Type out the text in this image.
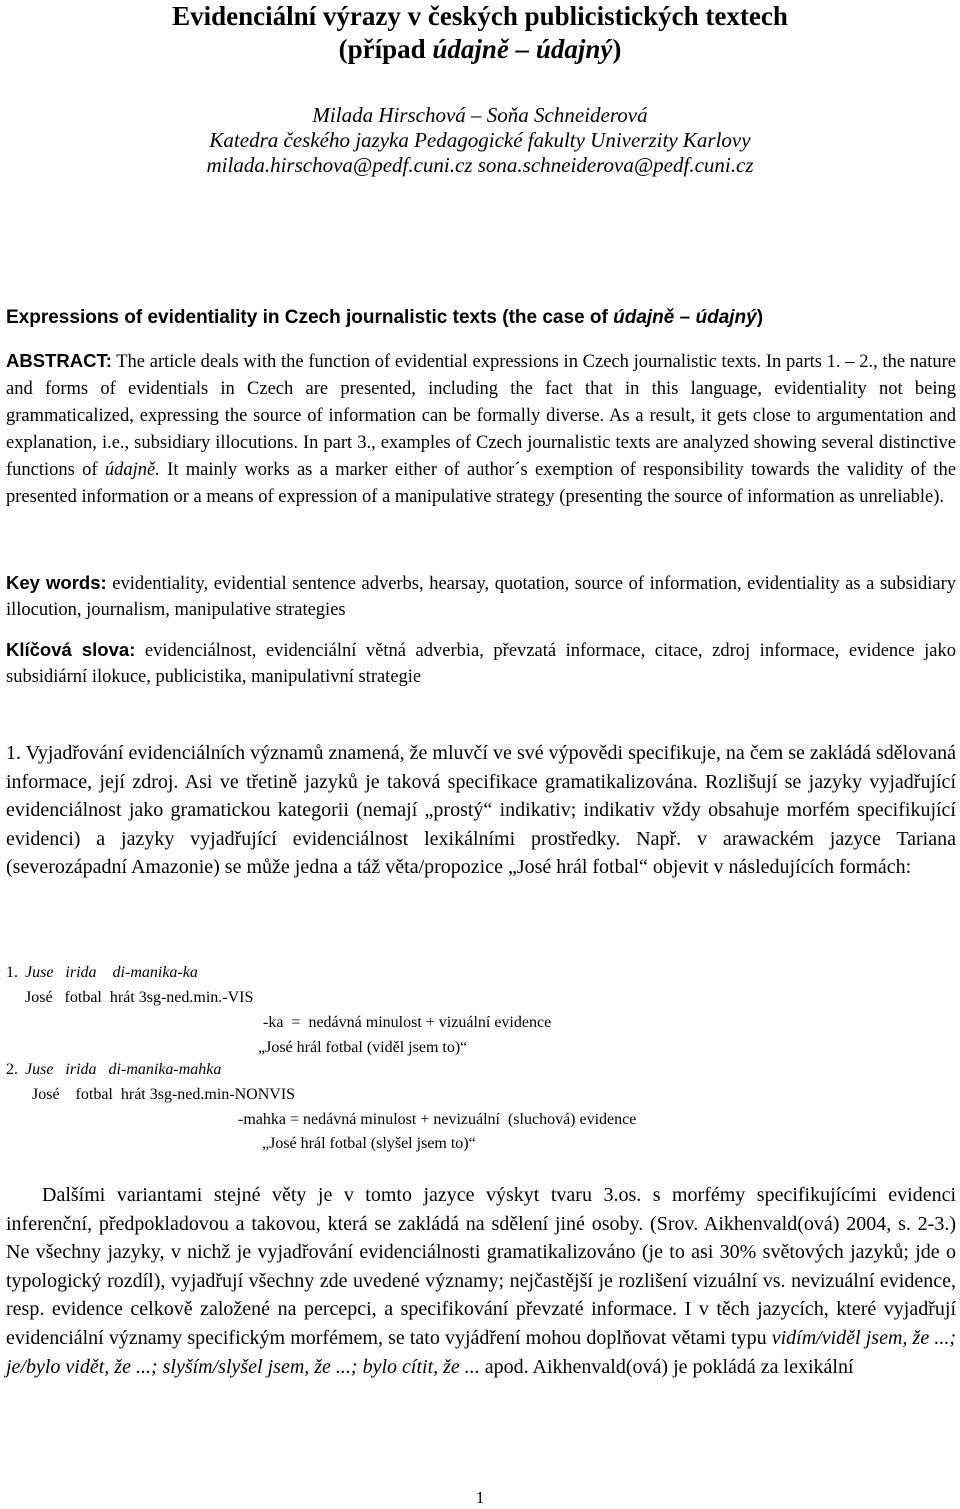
Evidenciální výrazy v českých publicistických textech
(případ údajně – údajný)
Milada Hirschová – Soňa Schneiderová
Katedra českého jazyka Pedagogické fakulty Univerzity Karlovy
milada.hirschova@pedf.cuni.cz sona.schneiderova@pedf.cuni.cz
Expressions of evidentiality in Czech journalistic texts (the case of údajně – údajný)
ABSTRACT: The article deals with the function of evidential expressions in Czech journalistic texts. In parts 1. – 2., the nature and forms of evidentials in Czech are presented, including the fact that in this language, evidentiality not being grammaticalized, expressing the source of information can be formally diverse. As a result, it gets close to argumentation and explanation, i.e., subsidiary illocutions. In part 3., examples of Czech journalistic texts are analyzed showing several distinctive functions of údajně. It mainly works as a marker either of author´s exemption of responsibility towards the validity of the presented information or a means of expression of a manipulative strategy (presenting the source of information as unreliable).
Key words: evidentiality, evidential sentence adverbs, hearsay, quotation, source of information, evidentiality as a subsidiary illocution, journalism, manipulative strategies
Klíčová slova: evidenciálnost, evidenciální větná adverbia, převzatá informace, citace, zdroj informace, evidence jako subsidiární ilokuce, publicistika, manipulativní strategie
1. Vyjadřování evidenciálních významů znamená, že mluvčí ve své výpovědi specifikuje, na čem se zakládá sdělovaná informace, její zdroj. Asi ve třetině jazyků je taková specifikace gramatikalizována. Rozlišují se jazyky vyjadřující evidenciálnost jako gramatickou kategorii (nemají „prostý“ indikativ; indikativ vždy obsahuje morfém specifikující evidenci) a jazyky vyjadřující evidenciálnost lexikálními prostředky. Např. v arawackém jazyce Tariana (severozápadní Amazonie) se může jedna a táž věta/propozice „José hrál fotbal“ objevit v následujících formách:
1. Juse   irida    di-manika-ka
José   fotbal  hrát 3sg-ned.min.-VIS
-ka  =  nedávná minulost + vizuální evidence
„José hrál fotbal (viděl jsem to)“
2. Juse   irida   di-manika-mahka
José    fotbal  hrát 3sg-ned.min-NONVIS
-mahka = nedávná minulost + nevizuální  (sluchová) evidence
„José hrál fotbal (slyšel jsem to)“
Dalšími variantami stejné věty je v tomto jazyce výskyt tvaru 3.os. s morfémy specifikujícími evidenci inferenční, předpokladovou a takovou, která se zakládá na sdělení jiné osoby. (Srov. Aikhenvald(ová) 2004, s. 2-3.) Ne všechny jazyky, v nichž je vyjadřování evidenciálnosti gramatikalizováno (je to asi 30% světových jazyků; jde o typologický rozdíl), vyjadřují všechny zde uvedené významy; nejčastější je rozlišení vizuální vs. nevizuální evidence, resp. evidence celkově založené na percepci, a specifikování převzaté informace. I v těch jazycích, které vyjadřují evidenciální významy specifickým morfémem, se tato vyjádření mohou doplňovat větami typu vidím/viděl jsem, že ...; je/bylo vidět, že ...; slyším/slyšel jsem, že ...; bylo cítit, že ... apod. Aikhenvald(ová) je pokládá za lexikální
1
